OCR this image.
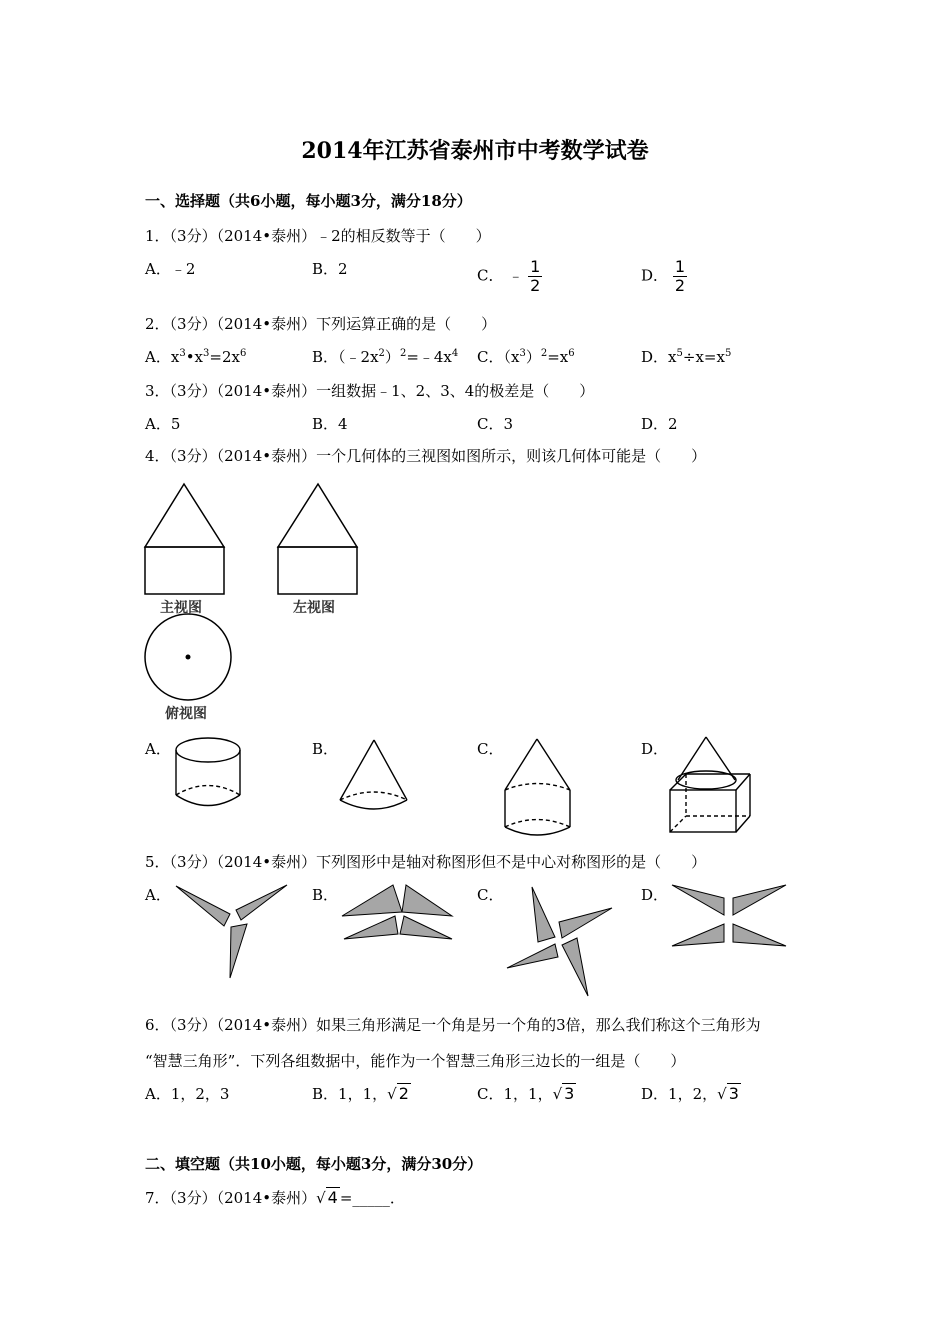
2014年江苏省泰州市中考数学试卷
一、选择题（共6小题，每小题3分，满分18分）
1．（3分）（2014•泰州）﹣2的相反数等于（　　）
A．﹣2	B．2	C． ﹣ $\frac{1}{2}$	D． $\frac{1}{2}$
2．（3分）（2014•泰州）下列运算正确的是（　　）
A．$x^3•x^3=2x^6$	B．$(﹣2x^2)^2=﹣4x^4$ C．$(x^3)^2=x^6$	D．$x^5\div x=x^5$
3．（3分）（2014•泰州）一组数据﹣1、2、3、4的极差是（　　）
A．5	B．4	C．3	D．2
4．（3分）（2014•泰州）一个几何体的三视图如图所示，则该几何体可能是（　　）
主视图	左视图
俯视图
A．	B．	C．	D．
5．（3分）（2014•泰州）下列图形中是轴对称图形但不是中心对称图形的是（　　）
A．	B．	C．	D．
6．（3分）（2014•泰州）如果三角形满足一个角是另一个角的3倍，那么我们称这个三角形为
“智慧三角形”．下列各组数据中，能作为一个智慧三角形三边长的一组是（　　）
A．1，2，3	B．1，1，√ 2	C．1，1，√ 3	D．1，2，√ 3
二、填空题（共10小题，每小题3分，满分30分）
7．（3分）（2014•泰州）√ 4 =_____．
